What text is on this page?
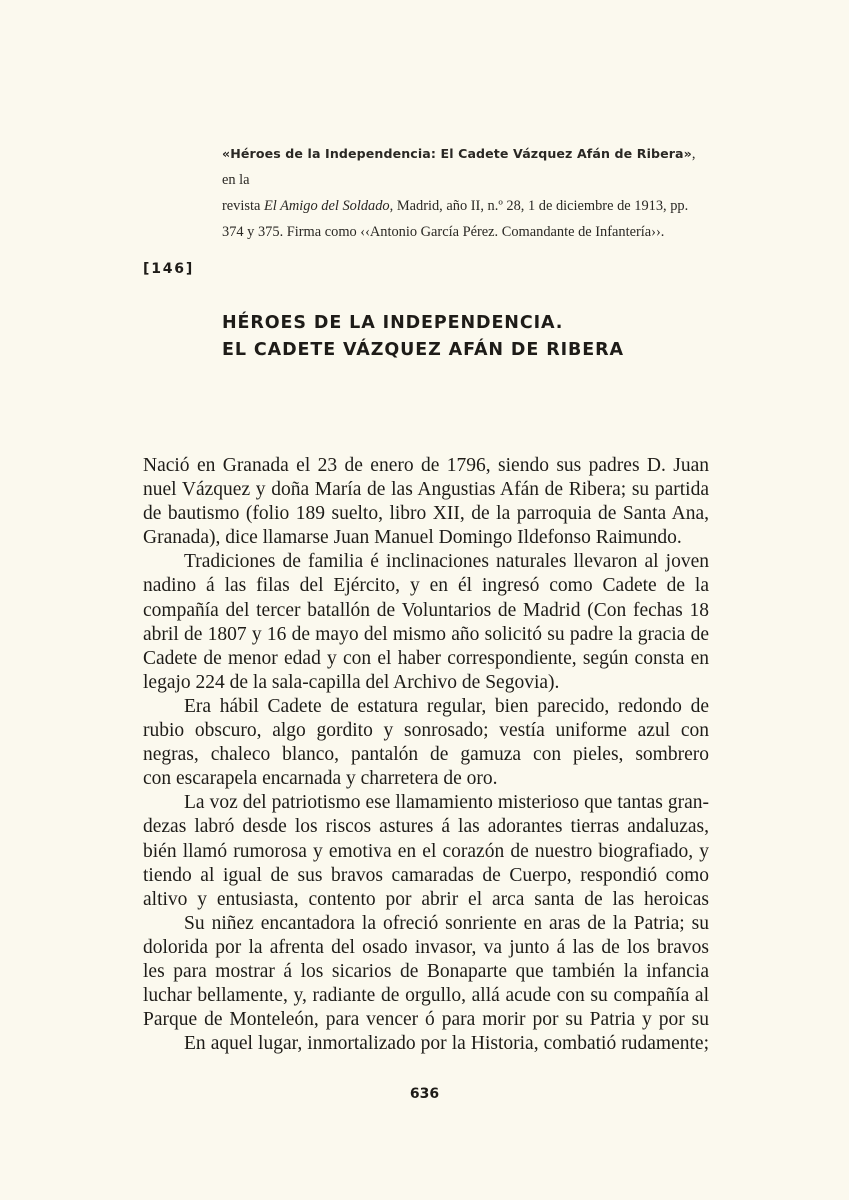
«Héroes de la Independencia: El Cadete Vázquez Afán de Ribera», en la

revista El Amigo del Soldado, Madrid, año II, n.º 28, 1 de diciembre de 1913, pp.

374 y 375. Firma como ‹‹Antonio García Pérez. Comandante de Infantería››.

[146]
HÉROES DE LA INDEPENDENCIA.
EL CADETE VÁZQUEZ AFÁN DE RIBERA
Nació en Granada el 23 de enero de 1796, siendo sus padres D. Juan
nuel Vázquez y doña María de las Angustias Afán de Ribera; su partida
de bautismo (folio 189 suelto, libro XII, de la parroquia de Santa Ana,
Granada), dice llamarse Juan Manuel Domingo Ildefonso Raimundo.
Tradiciones de familia é inclinaciones naturales llevaron al joven
nadino á las filas del Ejército, y en él ingresó como Cadete de la
compañía del tercer batallón de Voluntarios de Madrid (Con fechas 18
abril de 1807 y 16 de mayo del mismo año solicitó su padre la gracia de
Cadete de menor edad y con el haber correspondiente, según consta en
legajo 224 de la sala-capilla del Archivo de Segovia).
Era hábil Cadete de estatura regular, bien parecido, redondo de
rubio obscuro, algo gordito y sonrosado; vestía uniforme azul con
negras, chaleco blanco, pantalón de gamuza con pieles, sombrero
con escarapela encarnada y charretera de oro.
La voz del patriotismo ese llamamiento misterioso que tantas gran-
dezas labró desde los riscos astures á las adorantes tierras andaluzas,
bién llamó rumorosa y emotiva en el corazón de nuestro biografiado, y
tiendo al igual de sus bravos camaradas de Cuerpo, respondió como
altivo y entusiasta, contento por abrir el arca santa de las heroicas
Su niñez encantadora la ofreció sonriente en aras de la Patria; su
dolorida por la afrenta del osado invasor, va junto á las de los bravos
les para mostrar á los sicarios de Bonaparte que también la infancia
luchar bellamente, y, radiante de orgullo, allá acude con su compañía al
Parque de Monteleón, para vencer ó para morir por su Patria y por su
En aquel lugar, inmortalizado por la Historia, combatió rudamente;
636
